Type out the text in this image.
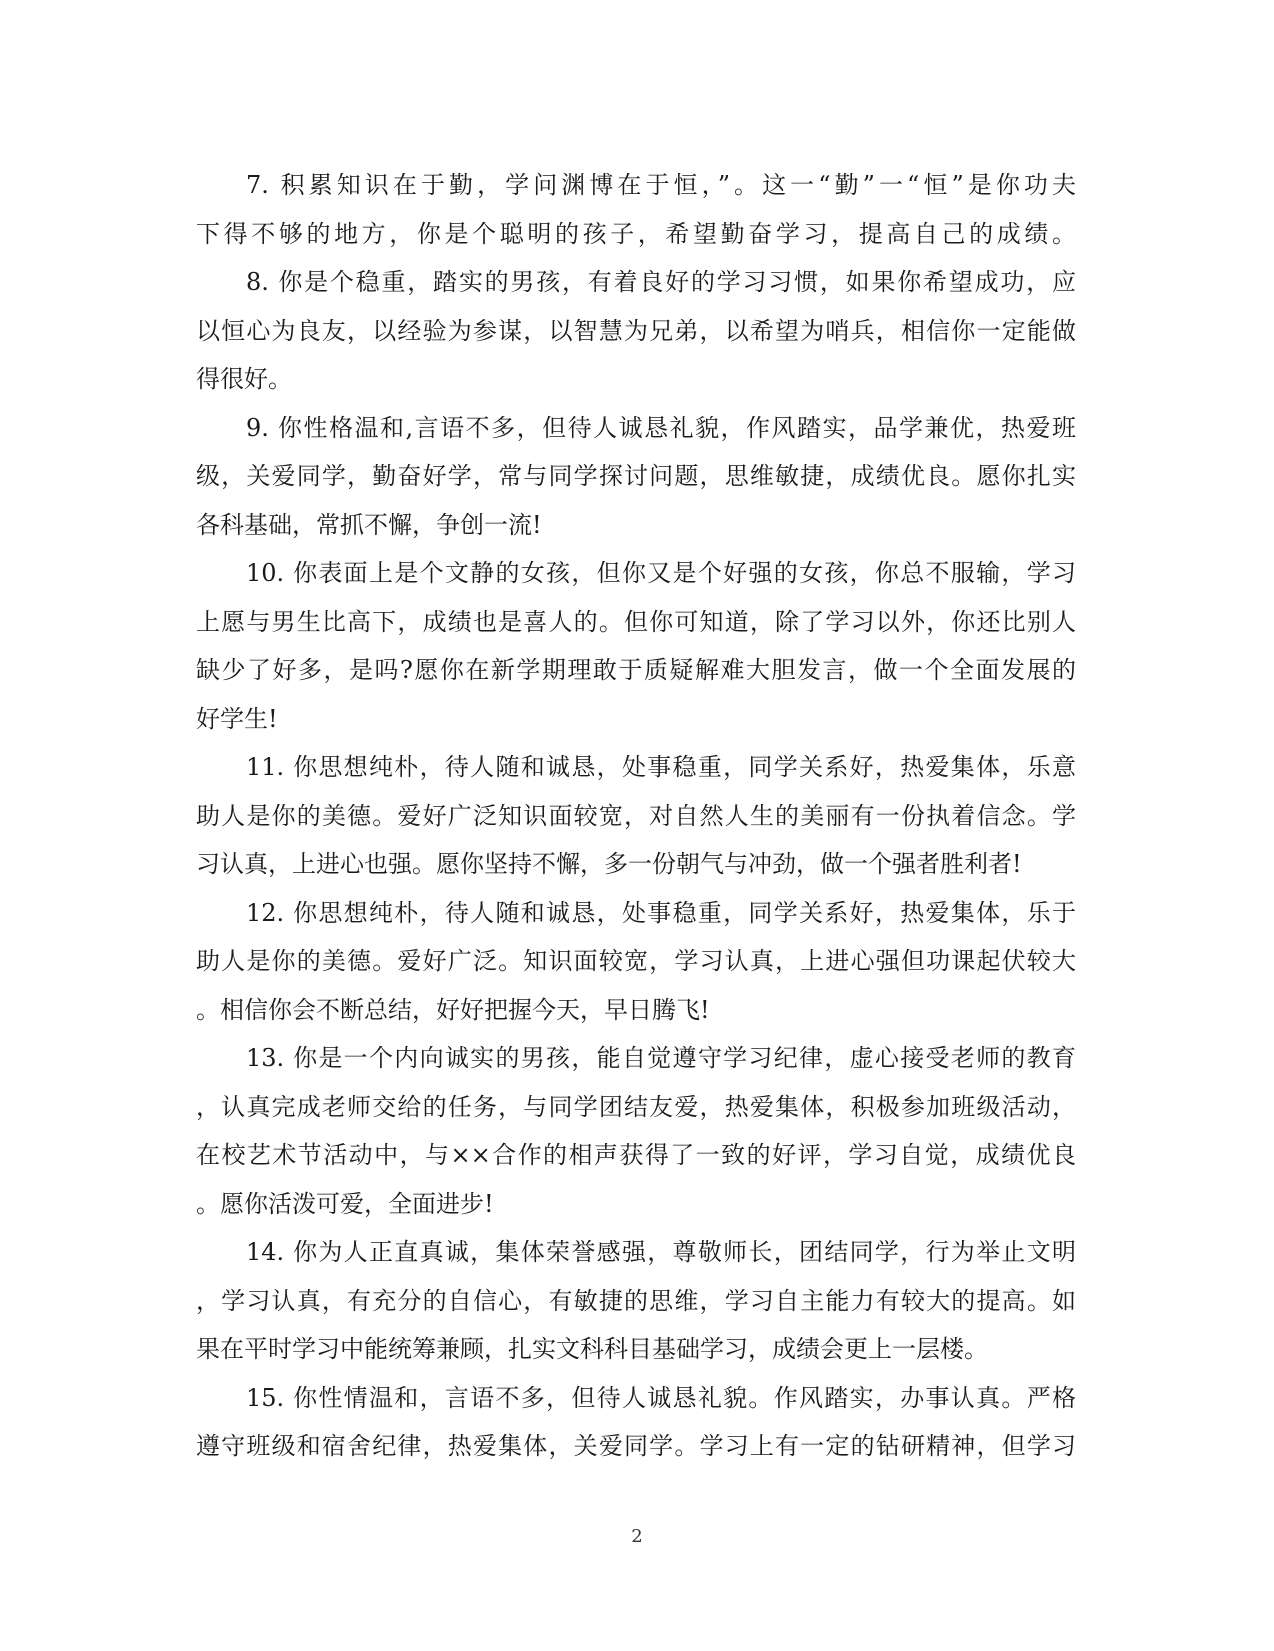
7. 积累知识在于勤，学问渊博在于恒，”。这一“勤”一“恒”是你功夫
下得不够的地方，你是个聪明的孩子，希望勤奋学习，提高自己的成绩。
8. 你是个稳重，踏实的男孩，有着良好的学习习惯，如果你希望成功，应
以恒心为良友，以经验为参谋，以智慧为兄弟，以希望为哨兵，相信你一定能做
得很好。
9. 你性格温和,言语不多，但待人诚恳礼貌，作风踏实，品学兼优，热爱班
级，关爱同学，勤奋好学，常与同学探讨问题，思维敏捷，成绩优良。愿你扎实
各科基础，常抓不懈，争创一流!
10. 你表面上是个文静的女孩，但你又是个好强的女孩，你总不服输，学习
上愿与男生比高下，成绩也是喜人的。但你可知道，除了学习以外，你还比别人
缺少了好多，是吗?愿你在新学期理敢于质疑解难大胆发言，做一个全面发展的
好学生!
11. 你思想纯朴，待人随和诚恳，处事稳重，同学关系好，热爱集体，乐意
助人是你的美德。爱好广泛知识面较宽，对自然人生的美丽有一份执着信念。学
习认真，上进心也强。愿你坚持不懈，多一份朝气与冲劲，做一个强者胜利者!
12. 你思想纯朴，待人随和诚恳，处事稳重，同学关系好，热爱集体，乐于
助人是你的美德。爱好广泛。知识面较宽，学习认真，上进心强但功课起伏较大
。相信你会不断总结，好好把握今天，早日腾飞!
13. 你是一个内向诚实的男孩，能自觉遵守学习纪律，虚心接受老师的教育
，认真完成老师交给的任务，与同学团结友爱，热爱集体，积极参加班级活动，
在校艺术节活动中，与××合作的相声获得了一致的好评，学习自觉，成绩优良
。愿你活泼可爱，全面进步!
14. 你为人正直真诚，集体荣誉感强，尊敬师长，团结同学，行为举止文明
，学习认真，有充分的自信心，有敏捷的思维，学习自主能力有较大的提高。如
果在平时学习中能统筹兼顾，扎实文科科目基础学习，成绩会更上一层楼。
15. 你性情温和，言语不多，但待人诚恳礼貌。作风踏实，办事认真。严格
遵守班级和宿舍纪律，热爱集体，关爱同学。学习上有一定的钻研精神，但学习
2
